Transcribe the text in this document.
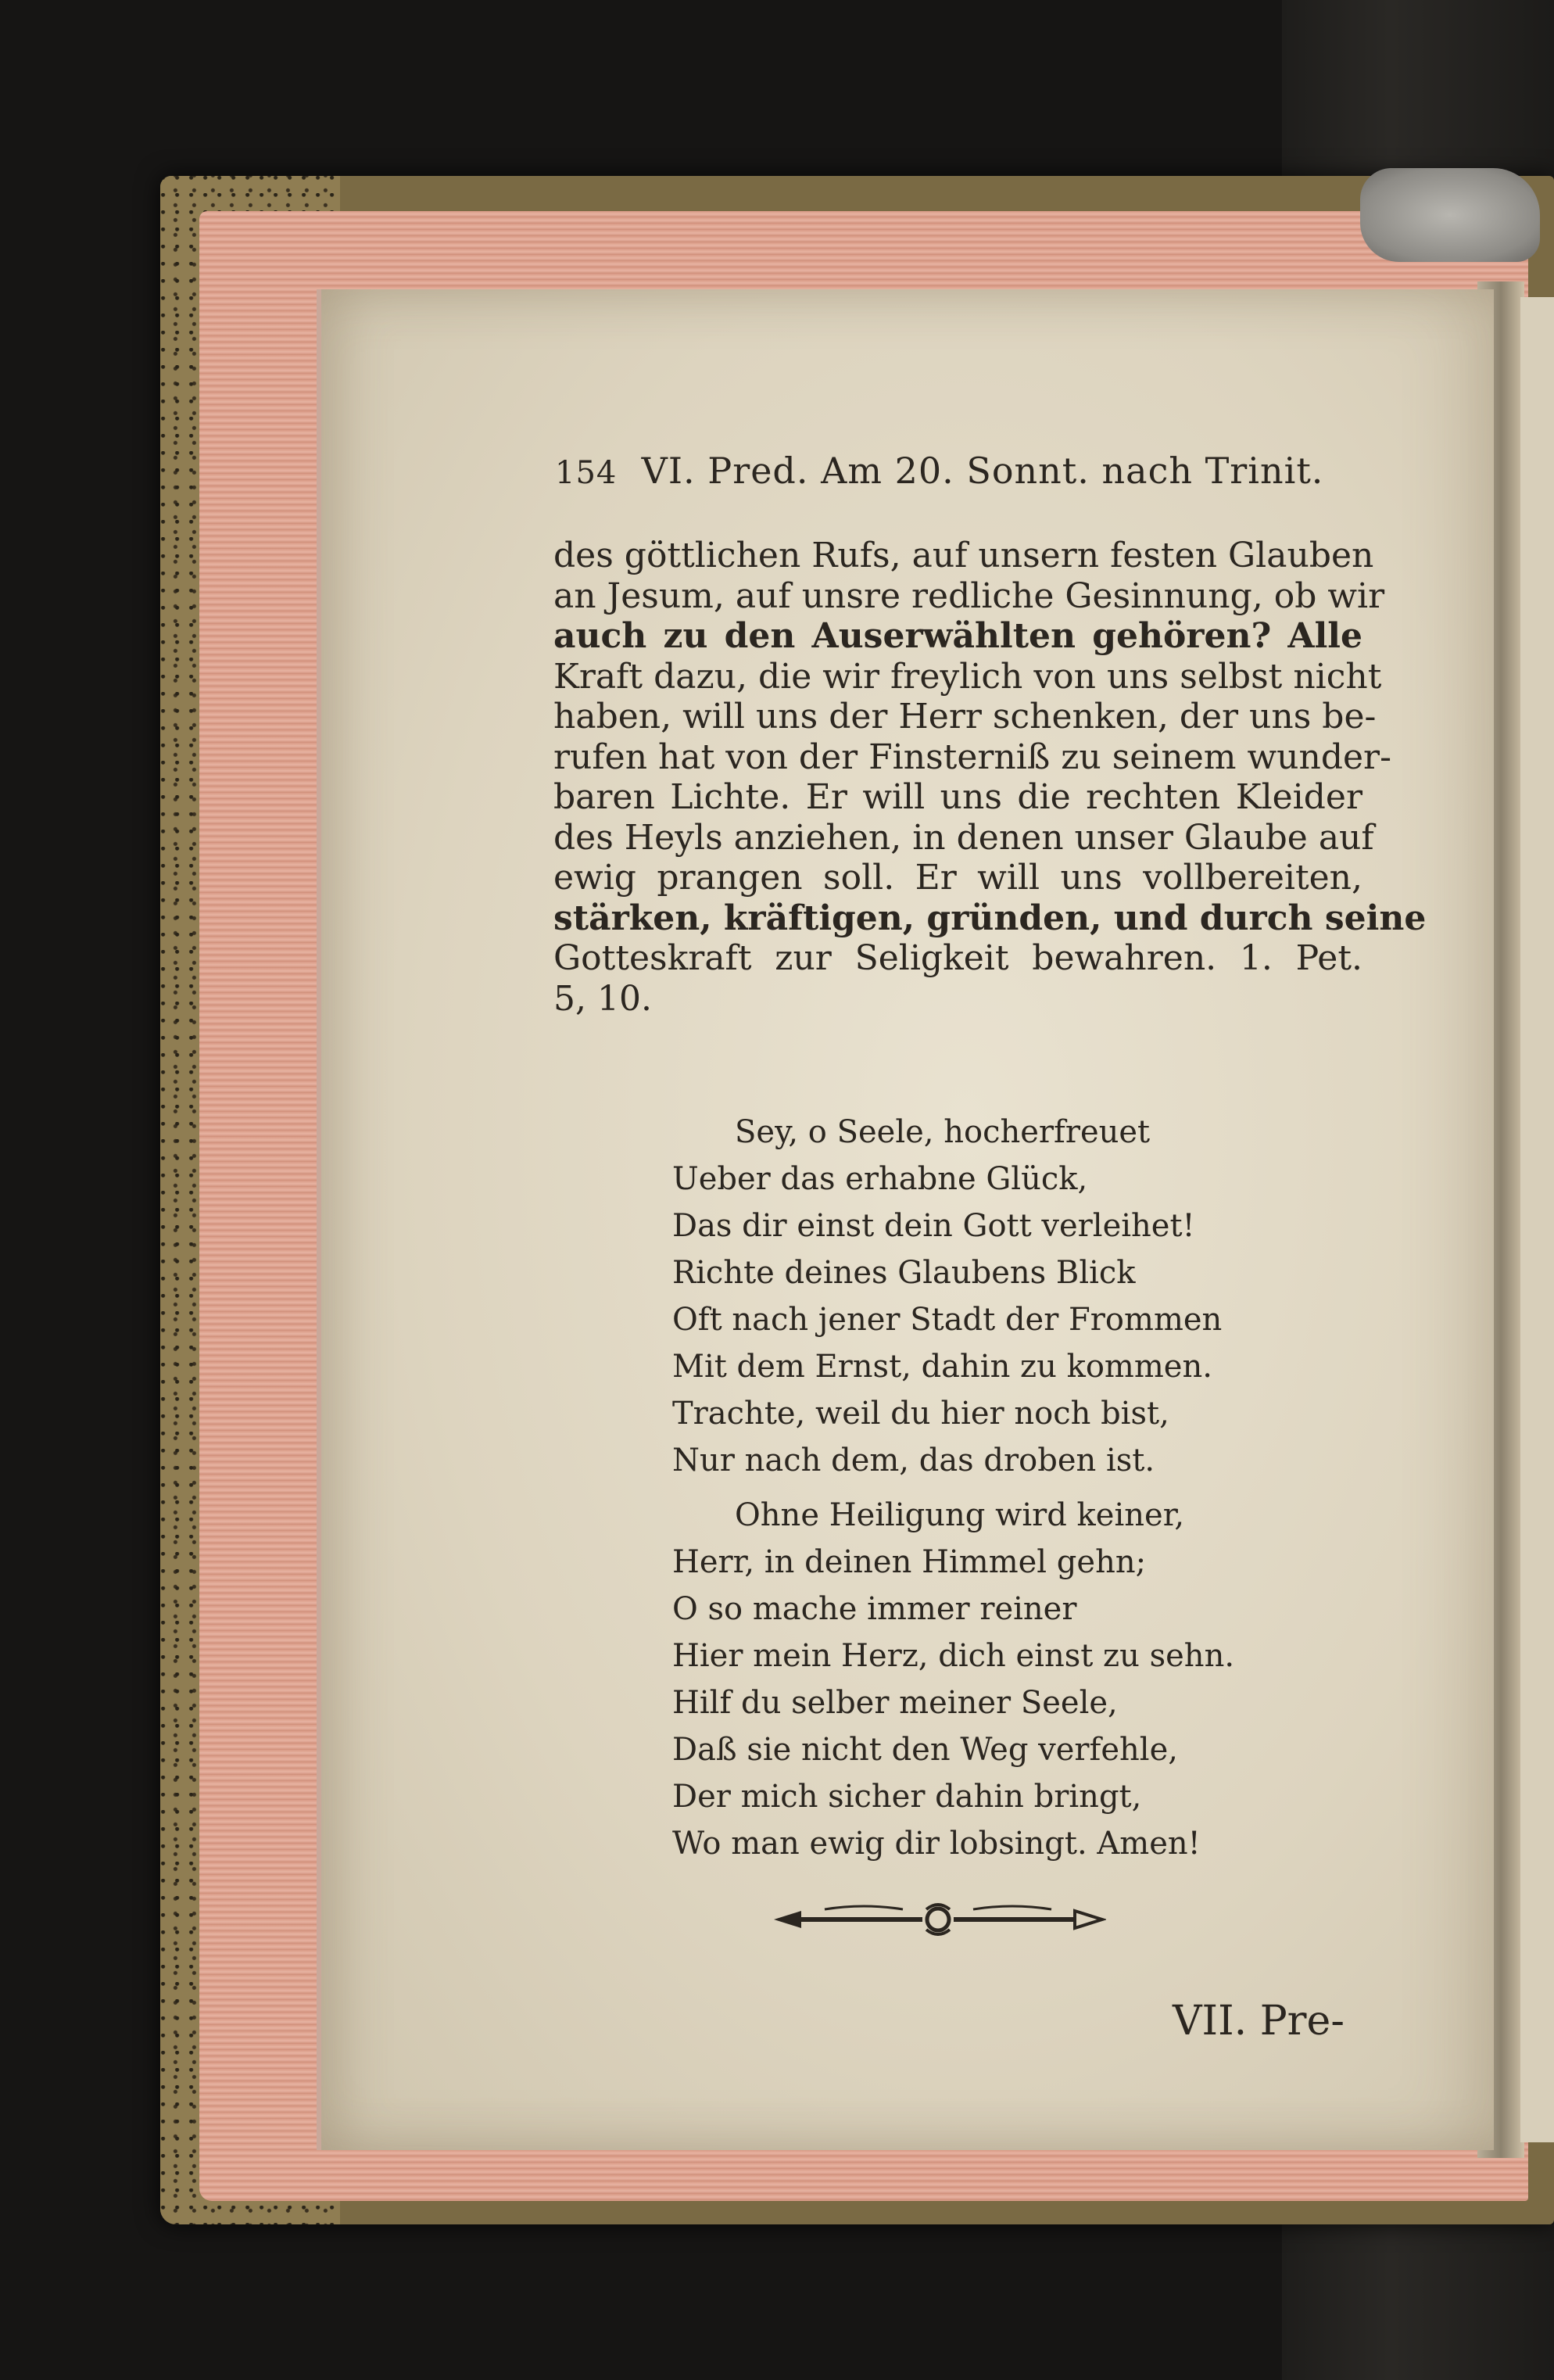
154 VI. Pred. Am 20. Sonnt. nach Trinit.
des göttlichen Rufs, auf unsern festen Glauben
an Jesum, auf unsre redliche Gesinnung, ob wir
auch zu den Auserwählten gehören? Alle
Kraft dazu, die wir freylich von uns selbst nicht
haben, will uns der Herr schenken, der uns be-
rufen hat von der Finsterniß zu seinem wunder-
baren Lichte. Er will uns die rechten Kleider
des Heyls anziehen, in denen unser Glaube auf
ewig prangen soll. Er will uns vollbereiten,
stärken, kräftigen, gründen, und durch seine
Gotteskraft zur Seligkeit bewahren. 1. Pet.
5, 10.
Sey, o Seele, hocherfreuet
Ueber das erhabne Glück,
Das dir einst dein Gott verleihet!
Richte deines Glaubens Blick
Oft nach jener Stadt der Frommen
Mit dem Ernst, dahin zu kommen.
Trachte, weil du hier noch bist,
Nur nach dem, das droben ist.
Ohne Heiligung wird keiner,
Herr, in deinen Himmel gehn;
O so mache immer reiner
Hier mein Herz, dich einst zu sehn.
Hilf du selber meiner Seele,
Daß sie nicht den Weg verfehle,
Der mich sicher dahin bringt,
Wo man ewig dir lobsingt. Amen!
VII. Pre-
